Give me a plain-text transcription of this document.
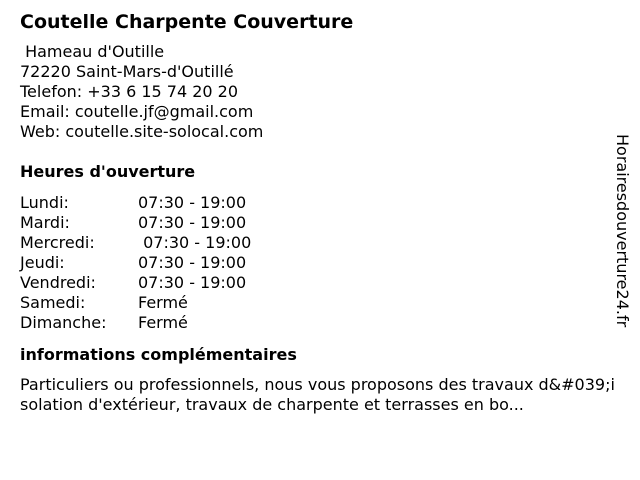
Coutelle Charpente Couverture
Hameau d'Outille
72220 Saint-Mars-d'Outillé
Telefon: +33 6 15 74 20 20
Email: coutelle.jf@gmail.com
Web: coutelle.site-solocal.com
Heures d'ouverture
Lundi:	07:30 - 19:00
Mardi:	07:30 - 19:00
Mercredi:	07:30 - 19:00
Jeudi:	07:30 - 19:00
Vendredi:	07:30 - 19:00
Samedi:	Fermé
Dimanche: Fermé
informations complémentaires
Particuliers ou professionnels, nous vous proposons des travaux d&#039;isolation d'extérieur, travaux de charpente et terrasses en bo...
Horairesdouverture24.fr
